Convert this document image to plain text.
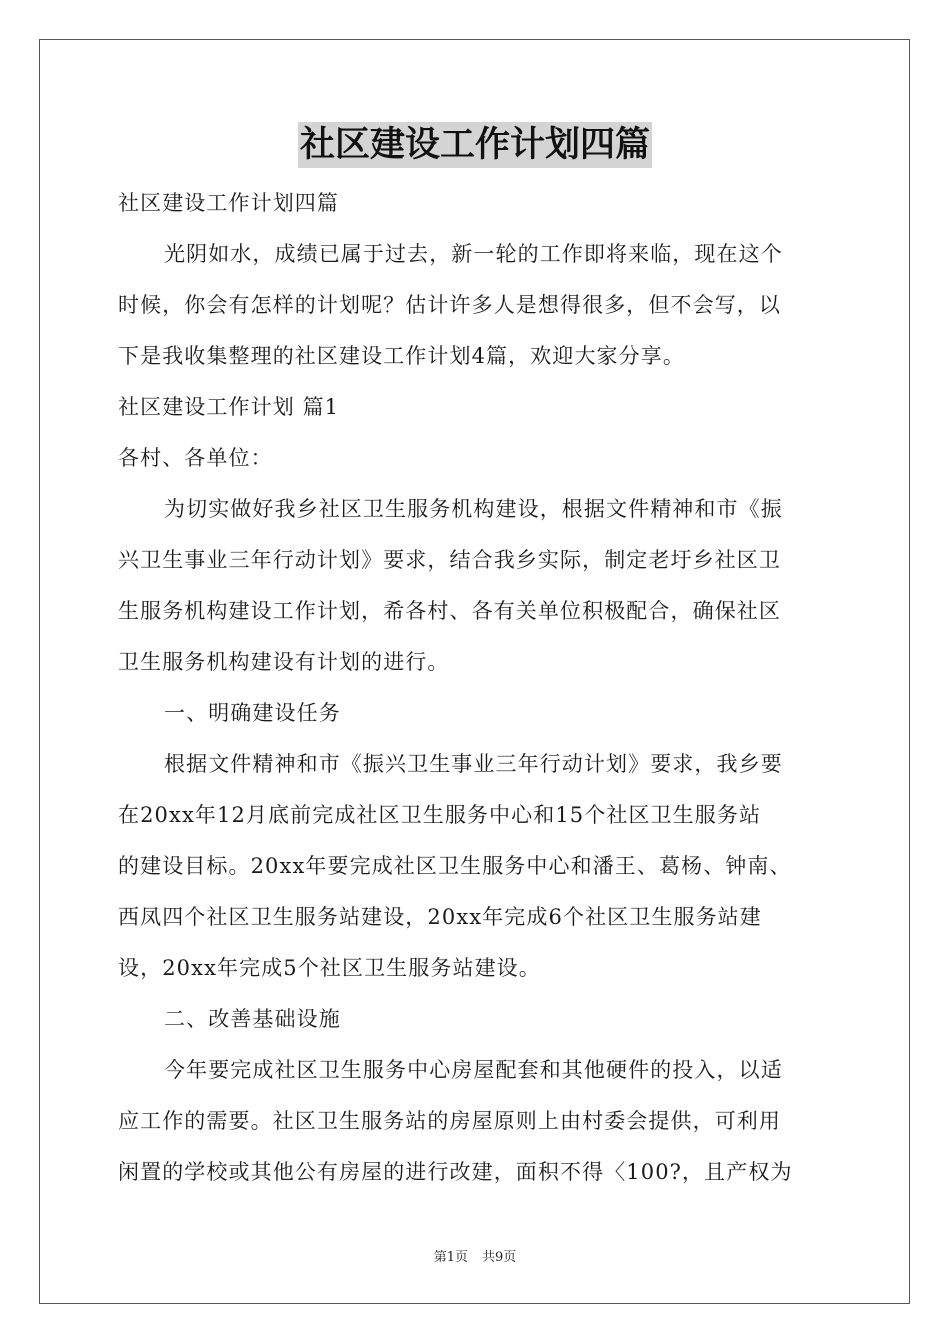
社区建设工作计划四篇
社区建设工作计划四篇
光阴如水，成绩已属于过去，新一轮的工作即将来临，现在这个
时候，你会有怎样的计划呢？估计许多人是想得很多，但不会写，以
下是我收集整理的社区建设工作计划4篇，欢迎大家分享。
社区建设工作计划 篇1
各村、各单位：
为切实做好我乡社区卫生服务机构建设，根据文件精神和市《振
兴卫生事业三年行动计划》要求，结合我乡实际，制定老圩乡社区卫
生服务机构建设工作计划，希各村、各有关单位积极配合，确保社区
卫生服务机构建设有计划的进行。
一、明确建设任务
根据文件精神和市《振兴卫生事业三年行动计划》要求，我乡要
在20xx年12月底前完成社区卫生服务中心和15个社区卫生服务站
的建设目标。20xx年要完成社区卫生服务中心和潘王、葛杨、钟南、
西凤四个社区卫生服务站建设，20xx年完成6个社区卫生服务站建
设，20xx年完成5个社区卫生服务站建设。
二、改善基础设施
今年要完成社区卫生服务中心房屋配套和其他硬件的投入，以适
应工作的需要。社区卫生服务站的房屋原则上由村委会提供，可利用
闲置的学校或其他公有房屋的进行改建，面积不得〈100?，且产权为
第1页 共9页
